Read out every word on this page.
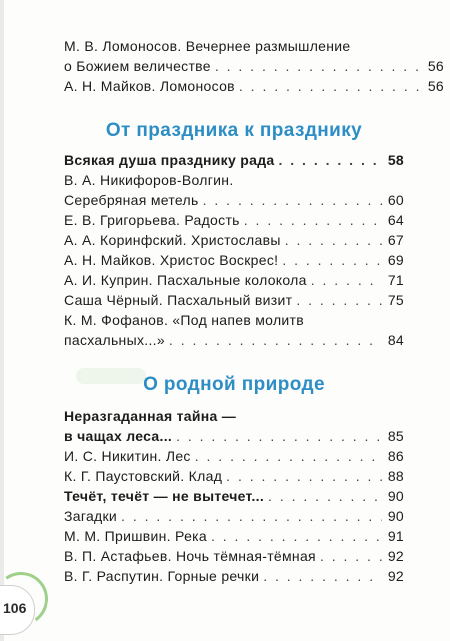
М. В. Ломоносов. Вечернее размышление
о Божием величестве . . .	56
А. Н. Майков. Ломоносов . . .	56
От праздника к празднику
Всякая душа празднику рада . . .	58
В. А. Никифоров-Волгин.
Серебряная метель . . .	60
Е. В. Григорьева. Радость . . .	64
А. А. Коринфский. Христославы . . .	67
А. Н. Майков. Христос Воскрес! . . .	69
А. И. Куприн. Пасхальные колокола . . .	71
Саша Чёрный. Пасхальный визит . . .	75
К. М. Фофанов. «Под напев молитв
пасхальных...» . . .	84
О родной природе
Неразгаданная тайна —
в чащах леса... . . .	85
И. С. Никитин. Лес . . .	86
К. Г. Паустовский. Клад . . .	88
Течёт, течёт — не вытечет... . . .	90
Загадки . . .	90
М. М. Пришвин. Река . . .	91
В. П. Астафьев. Ночь тёмная-тёмная . . .	92
В. Г. Распутин. Горные речки . . .	92
106
